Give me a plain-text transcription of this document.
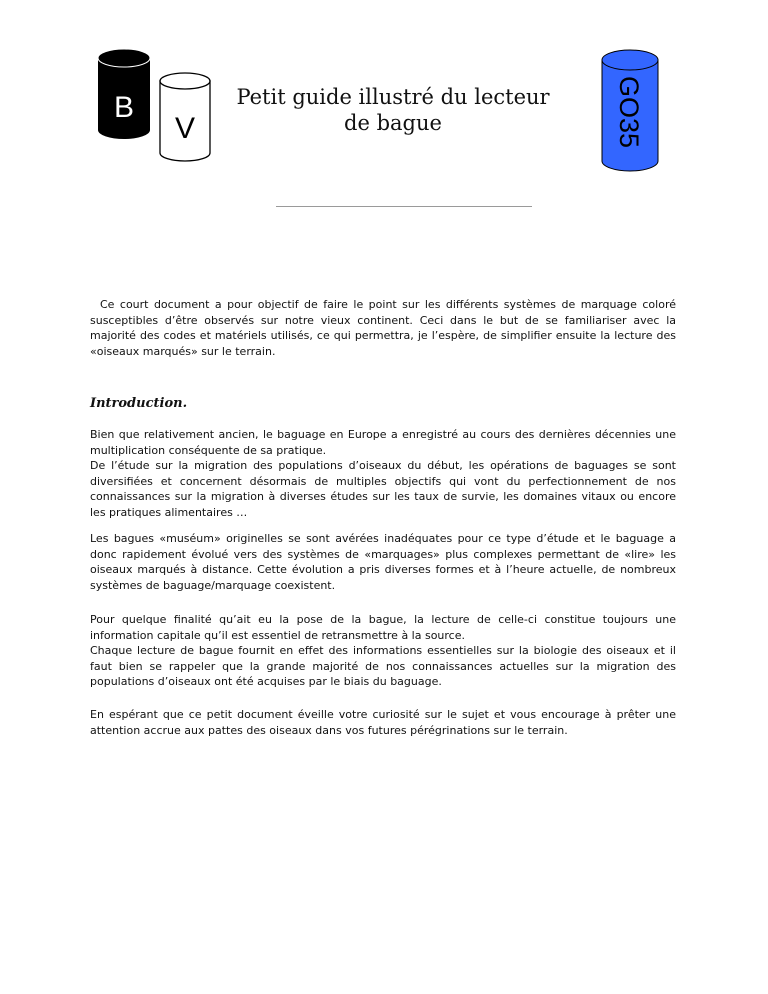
B
V	GO35
Petit guide illustré du lecteur
de bague

Ce court document a pour objectif de faire le point sur les différents systèmes de marquage coloré susceptibles d’être observés sur notre vieux continent. Ceci dans le but de se familiariser avec la majorité des codes et matériels utilisés, ce qui permettra, je l’espère, de simplifier ensuite la lecture des «oiseaux marqués» sur le terrain.

Introduction.

Bien que relativement ancien, le baguage en Europe a enregistré au cours des dernières décennies une multiplication conséquente de sa pratique.

De l’étude sur la migration des populations d’oiseaux du début, les opérations de baguages se sont diversifiées et concernent désormais de multiples objectifs qui vont du perfectionnement de nos connaissances sur la migration à diverses études sur les taux de survie, les domaines vitaux ou encore les pratiques alimentaires …

Les bagues «muséum» originelles se sont avérées inadéquates pour ce type d’étude et le baguage a donc rapidement évolué vers des systèmes de «marquages» plus complexes permettant de «lire» les oiseaux marqués à distance. Cette évolution a pris diverses formes et à l’heure actuelle, de nombreux systèmes de baguage/marquage coexistent.

Pour quelque finalité qu’ait eu la pose de la bague, la lecture de celle-ci constitue toujours une information capitale qu’il est essentiel de retransmettre à la source.

Chaque lecture de bague fournit en effet des informations essentielles sur la biologie des oiseaux et il faut bien se rappeler que la grande majorité de nos connaissances actuelles sur la migration des populations d’oiseaux ont été acquises par le biais du baguage.

En espérant que ce petit document éveille votre curiosité sur le sujet et vous encourage à prêter une attention accrue aux pattes des oiseaux dans vos futures pérégrinations sur le terrain.
